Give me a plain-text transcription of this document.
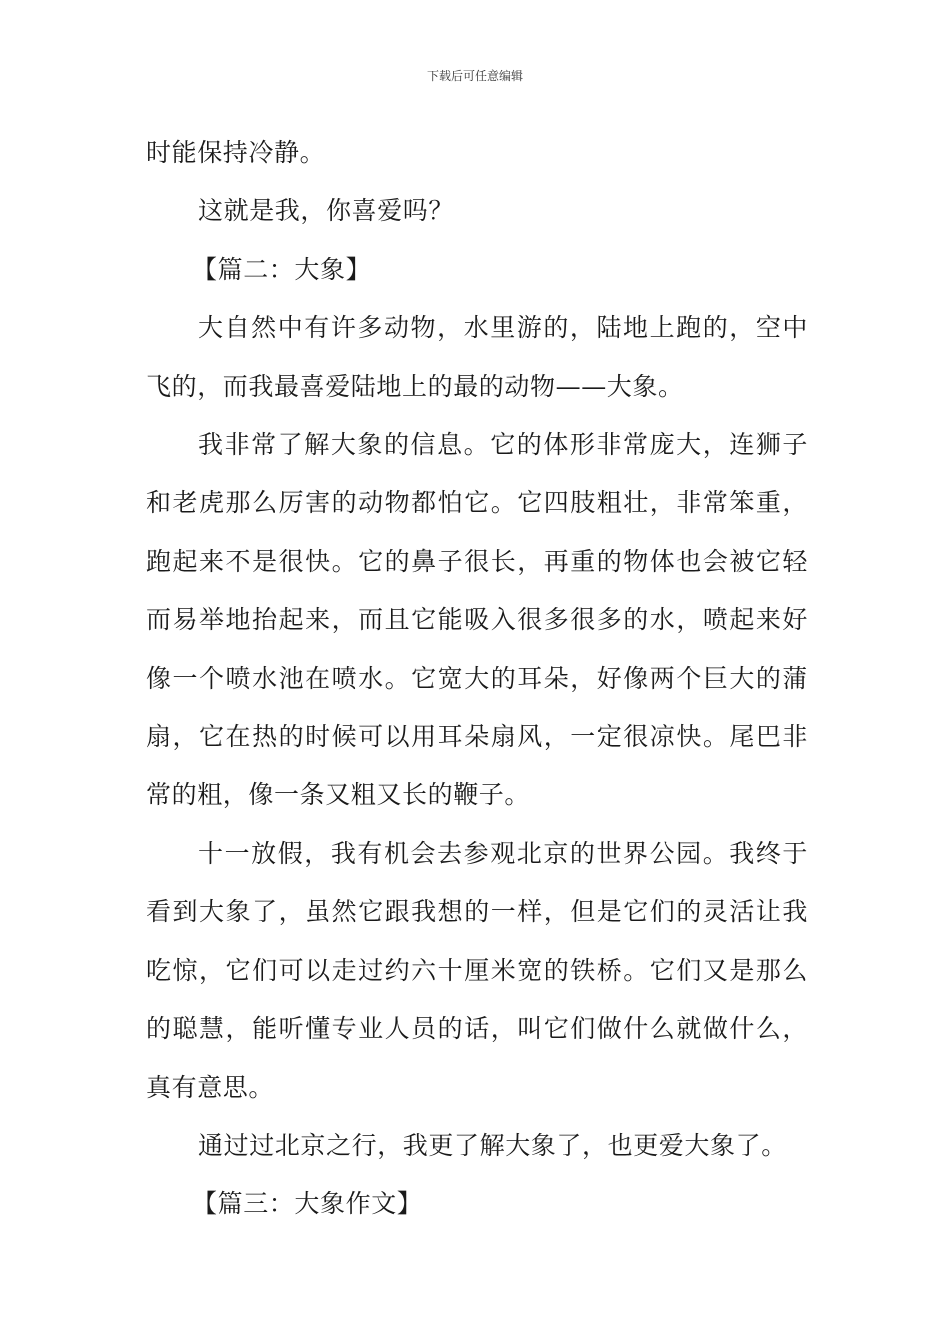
下载后可任意编辑

时能保持冷静。

这就是我，你喜爱吗？

【篇二：大象】

大自然中有许多动物，水里游的，陆地上跑的，空中飞的，而我最喜爱陆地上的最的动物——大象。

我非常了解大象的信息。它的体形非常庞大，连狮子和老虎那么厉害的动物都怕它。它四肢粗壮，非常笨重，跑起来不是很快。它的鼻子很长，再重的物体也会被它轻而易举地抬起来，而且它能吸入很多很多的水，喷起来好像一个喷水池在喷水。它宽大的耳朵，好像两个巨大的蒲扇，它在热的时候可以用耳朵扇风，一定很凉快。尾巴非常的粗，像一条又粗又长的鞭子。

十一放假，我有机会去参观北京的世界公园。我终于看到大象了，虽然它跟我想的一样，但是它们的灵活让我吃惊，它们可以走过约六十厘米宽的铁桥。它们又是那么的聪慧，能听懂专业人员的话，叫它们做什么就做什么，真有意思。

通过过北京之行，我更了解大象了，也更爱大象了。

【篇三：大象作文】
